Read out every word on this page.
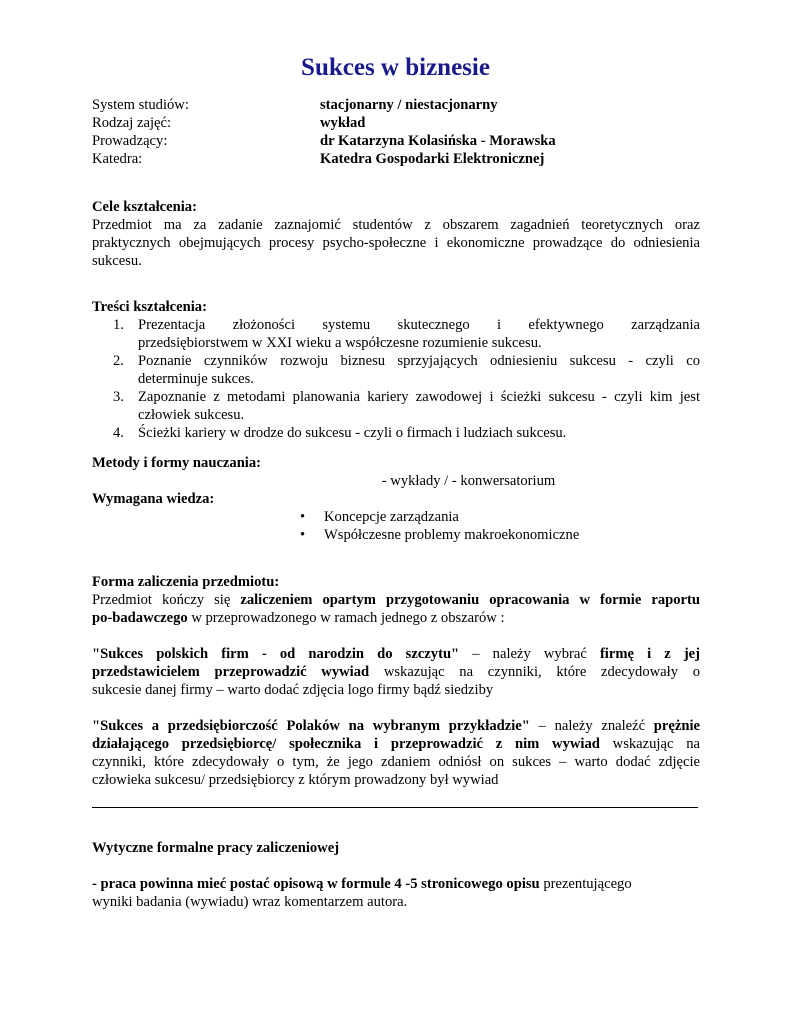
Sukces w biznesie
System studiów:	stacjonarny / niestacjonarny
Rodzaj zajęć:	wykład
Prowadzący:	dr Katarzyna Kolasińska - Morawska
Katedra:	Katedra Gospodarki Elektronicznej
Cele kształcenia:
Przedmiot ma za zadanie zaznajomić studentów z obszarem zagadnień teoretycznych oraz praktycznych obejmujących procesy psycho-społeczne i ekonomiczne prowadzące do odniesienia sukcesu.
Treści kształcenia:
1. Prezentacja złożoności systemu skutecznego i efektywnego zarządzania
przedsiębiorstwem w XXI wieku a współczesne rozumienie sukcesu.
2. Poznanie czynników rozwoju biznesu sprzyjających odniesieniu sukcesu - czyli co
determinuje sukces.
3. Zapoznanie z metodami planowania kariery zawodowej i ścieżki sukcesu - czyli kim jest
człowiek sukcesu.
4. Ścieżki kariery w drodze do sukcesu - czyli o firmach i ludziach sukcesu.
Metody i formy nauczania:
- wykłady / - konwersatorium
Wymagana wiedza:
• Koncepcje zarządzania
• Współczesne problemy makroekonomiczne
Forma zaliczenia przedmiotu:
Przedmiot kończy się zaliczeniem opartym przygotowaniu opracowania w formie raportu
po-badawczego w przeprowadzonego w ramach jednego z obszarów :
"Sukces polskich firm - od narodzin do szczytu" – należy wybrać firmę i z jej
przedstawicielem przeprowadzić wywiad wskazując na czynniki, które zdecydowały o
sukcesie danej firmy – warto dodać zdjęcia logo firmy bądź siedziby
"Sukces a przedsiębiorczość Polaków na wybranym przykładzie" – należy znaleźć prężnie
działającego przedsiębiorcę/ społecznika i przeprowadzić z nim wywiad wskazując na
czynniki, które zdecydowały o tym, że jego zdaniem odniósł on sukces – warto dodać zdjęcie
człowieka sukcesu/ przedsiębiorcy z którym prowadzony był wywiad
Wytyczne formalne pracy zaliczeniowej
- praca powinna mieć postać opisową w formule 4 -5 stronicowego opisu prezentującego
wyniki badania (wywiadu) wraz komentarzem autora.
